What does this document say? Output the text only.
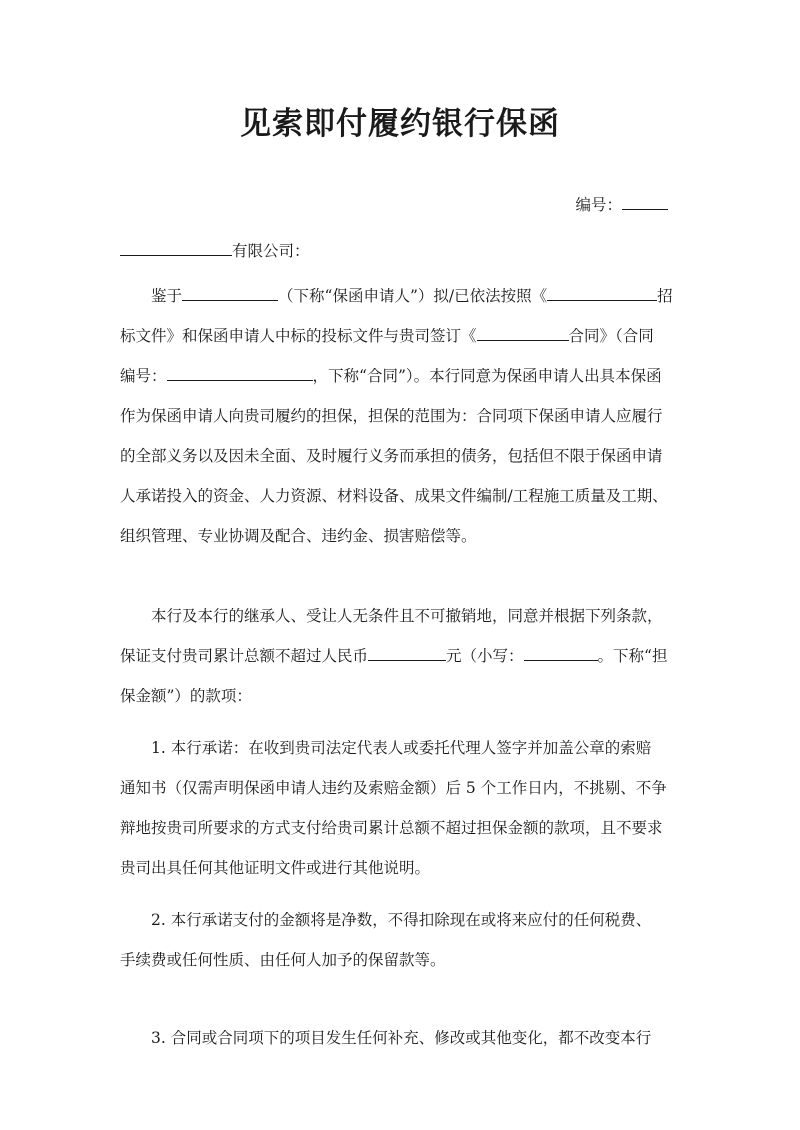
见索即付履约银行保函
编号：
有限公司：
鉴于	（下称“保函申请人”）拟/已依法按照《	招
标文件》和保函申请人中标的投标文件与贵司签订《	合同》（合同
编号：	，下称“合同”）。本行同意为保函申请人出具本保函
作为保函申请人向贵司履约的担保，担保的范围为：合同项下保函申请人应履行
的全部义务以及因未全面、及时履行义务而承担的债务，包括但不限于保函申请
人承诺投入的资金、人力资源、材料设备、成果文件编制/工程施工质量及工期、
组织管理、专业协调及配合、违约金、损害赔偿等。
本行及本行的继承人、受让人无条件且不可撤销地，同意并根据下列条款，
保证支付贵司累计总额不超过人民币	元（小写：	。下称“担
保金额”）的款项：
1. 本行承诺：在收到贵司法定代表人或委托代理人签字并加盖公章的索赔
通知书（仅需声明保函申请人违约及索赔金额）后 5 个工作日内，不挑剔、不争
辩地按贵司所要求的方式支付给贵司累计总额不超过担保金额的款项，且不要求
贵司出具任何其他证明文件或进行其他说明。
2. 本行承诺支付的金额将是净数，不得扣除现在或将来应付的任何税费、
手续费或任何性质、由任何人加予的保留款等。
3. 合同或合同项下的项目发生任何补充、修改或其他变化，都不改变本行
